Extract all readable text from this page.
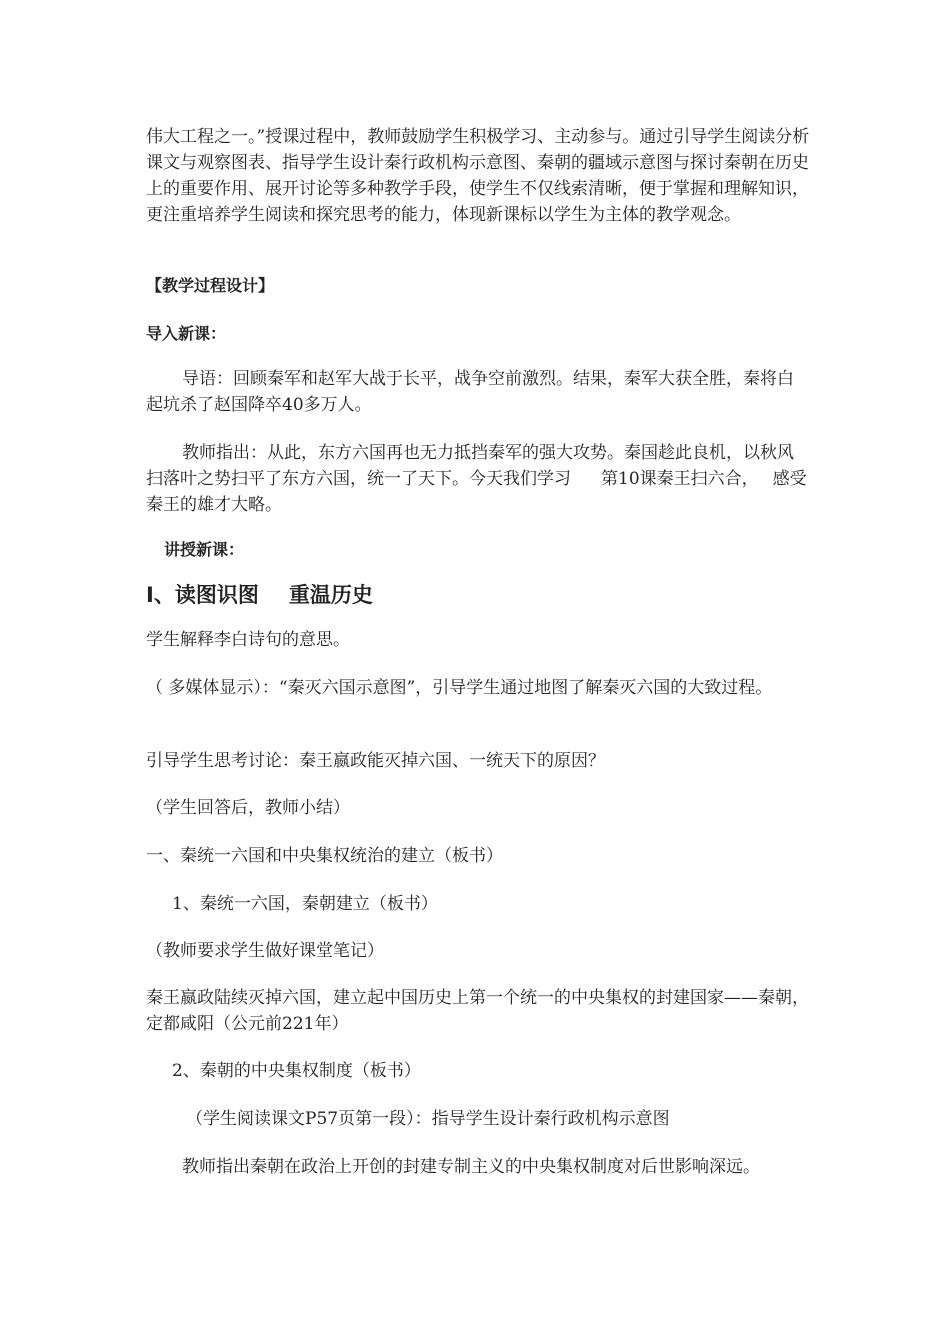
伟大工程之一。”授课过程中，教师鼓励学生积极学习、主动参与。通过引导学生阅读分析课文与观察图表、指导学生设计秦行政机构示意图、秦朝的疆域示意图与探讨秦朝在历史上的重要作用、展开讨论等多种教学手段，使学生不仅线索清晰，便于掌握和理解知识，更注重培养学生阅读和探究思考的能力，体现新课标以学生为主体的教学观念。

【教学过程设计】

导入新课：

导语：回顾秦军和赵军大战于长平，战争空前激烈。结果，秦军大获全胜，秦将白起坑杀了赵国降卒40多万人。

教师指出：从此，东方六国再也无力抵挡秦军的强大攻势。秦国趁此良机，以秋风扫落叶之势扫平了东方六国，统一了天下。今天我们学习 第10课秦王扫六合， 感受秦王的雄才大略。

讲授新课：

Ⅰ、读图识图 重温历史

学生解释李白诗句的意思。

（ 多媒体显示）：“秦灭六国示意图”，引导学生通过地图了解秦灭六国的大致过程。

引导学生思考讨论：秦王嬴政能灭掉六国、一统天下的原因？

（学生回答后，教师小结）

一、秦统一六国和中央集权统治的建立（板书）

1、秦统一六国，秦朝建立（板书）

（教师要求学生做好课堂笔记）

秦王嬴政陆续灭掉六国，建立起中国历史上第一个统一的中央集权的封建国家——秦朝，定都咸阳（公元前221年）

2、秦朝的中央集权制度（板书）

（学生阅读课文P57页第一段）：指导学生设计秦行政机构示意图

教师指出秦朝在政治上开创的封建专制主义的中央集权制度对后世影响深远。
